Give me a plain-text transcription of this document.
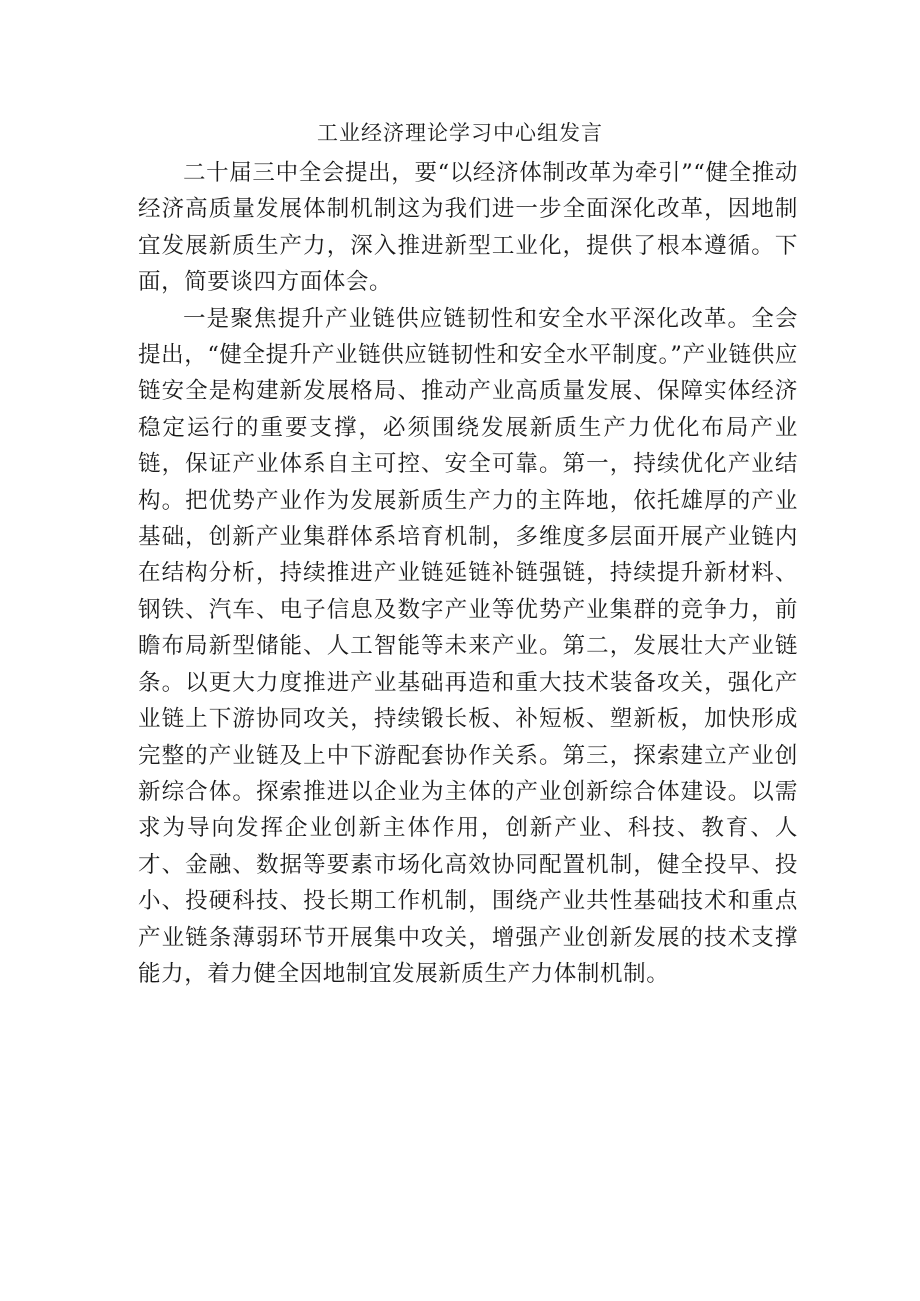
工业经济理论学习中心组发言

二十届三中全会提出，要“以经济体制改革为牵引”“健全推动经济高质量发展体制机制这为我们进一步全面深化改革，因地制宜发展新质生产力，深入推进新型工业化，提供了根本遵循。下面，简要谈四方面体会。

一是聚焦提升产业链供应链韧性和安全水平深化改革。全会提出，“健全提升产业链供应链韧性和安全水平制度。”产业链供应链安全是构建新发展格局、推动产业高质量发展、保障实体经济稳定运行的重要支撑，必须围绕发展新质生产力优化布局产业链，保证产业体系自主可控、安全可靠。第一，持续优化产业结构。把优势产业作为发展新质生产力的主阵地，依托雄厚的产业基础，创新产业集群体系培育机制，多维度多层面开展产业链内在结构分析，持续推进产业链延链补链强链，持续提升新材料、钢铁、汽车、电子信息及数字产业等优势产业集群的竞争力，前瞻布局新型储能、人工智能等未来产业。第二，发展壮大产业链条。以更大力度推进产业基础再造和重大技术装备攻关，强化产业链上下游协同攻关，持续锻长板、补短板、塑新板，加快形成完整的产业链及上中下游配套协作关系。第三，探索建立产业创新综合体。探索推进以企业为主体的产业创新综合体建设。以需求为导向发挥企业创新主体作用，创新产业、科技、教育、人才、金融、数据等要素市场化高效协同配置机制，健全投早、投小、投硬科技、投长期工作机制，围绕产业共性基础技术和重点产业链条薄弱环节开展集中攻关，增强产业创新发展的技术支撑能力，着力健全因地制宜发展新质生产力体制机制。
